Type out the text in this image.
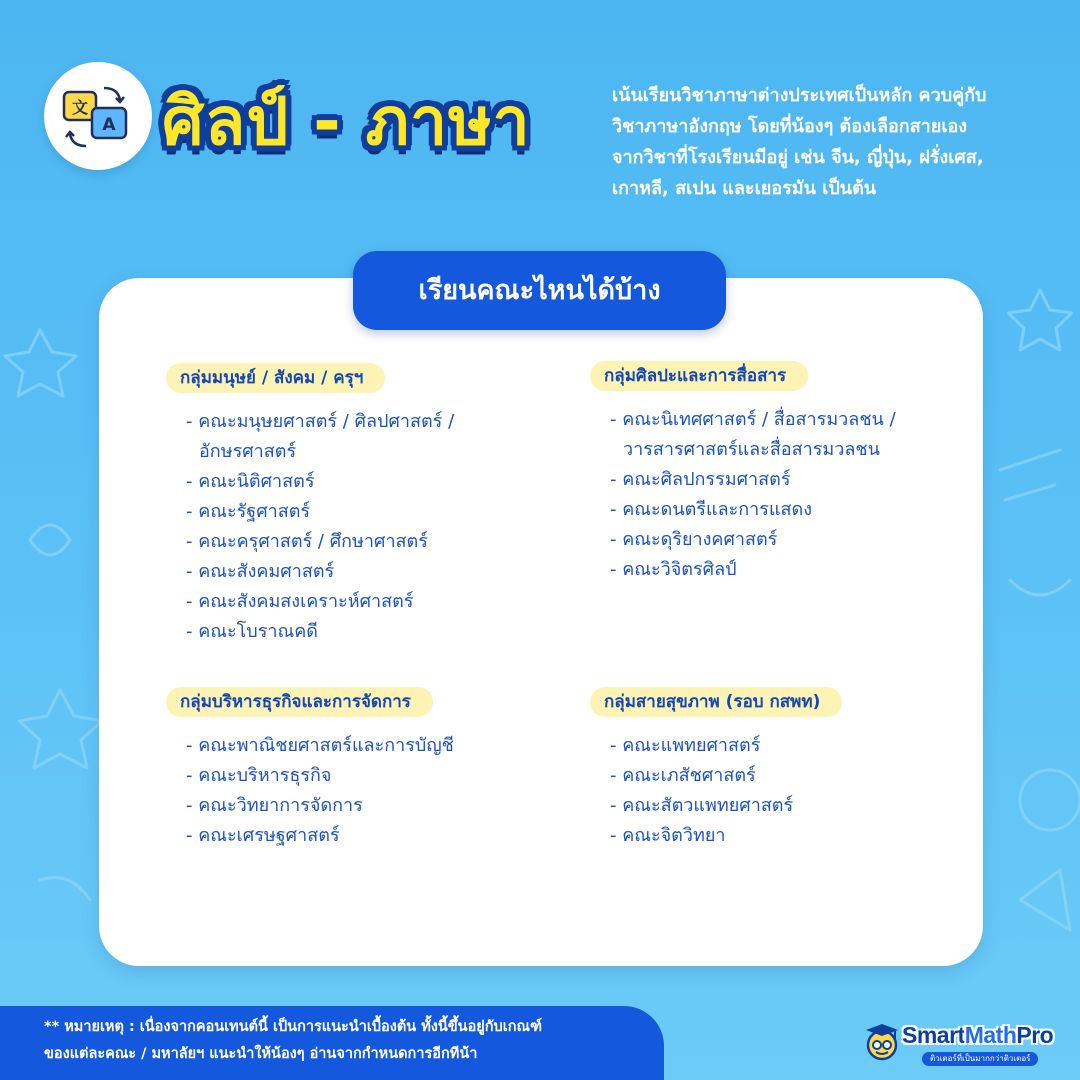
文
A ศิลป์ - ภาษา	เน้นเรียนวิชาภาษาต่างประเทศเป็นหลัก ควบคู่กับ
วิชาภาษาอังกฤษ โดยที่น้องๆ ต้องเลือกสายเอง
จากวิชาที่โรงเรียนมีอยู่ เช่น จีน, ญี่ปุ่น, ฝรั่งเศส,
เกาหลี, สเปน และเยอรมัน เป็นต้น
เรียนคณะไหนได้บ้าง
กลุ่มมนุษย์ / สังคม / ครุฯ
- คณะมนุษยศาสตร์ / ศิลปศาสตร์ /
อักษรศาสตร์
- คณะนิติศาสตร์
- คณะรัฐศาสตร์
- คณะครุศาสตร์ / ศึกษาศาสตร์
- คณะสังคมศาสตร์
- คณะสังคมสงเคราะห์ศาสตร์
- คณะโบราณคดี
กลุ่มศิลปะและการสื่อสาร
- คณะนิเทศศาสตร์ / สื่อสารมวลชน /
วารสารศาสตร์และสื่อสารมวลชน
- คณะศิลปกรรมศาสตร์
- คณะดนตรีและการแสดง
- คณะดุริยางคศาสตร์
- คณะวิจิตรศิลป์
กลุ่มบริหารธุรกิจและการจัดการ
- คณะพาณิชยศาสตร์และการบัญชี
- คณะบริหารธุรกิจ
- คณะวิทยาการจัดการ
- คณะเศรษฐศาสตร์
กลุ่มสายสุขภาพ (รอบ กสพท)
- คณะแพทยศาสตร์
- คณะเภสัชศาสตร์
- คณะสัตวแพทยศาสตร์
- คณะจิตวิทยา
** หมายเหตุ : เนื่องจากคอนเทนต์นี้ เป็นการแนะนำเบื้องต้น ทั้งนี้ขึ้นอยู่กับเกณฑ์
ของแต่ละคณะ / มหาลัยฯ แนะนำให้น้องๆ อ่านจากกำหนดการอีกทีน้า
SmartMathPro
ติวเตอร์ที่เป็นมากกว่าติวเตอร์
